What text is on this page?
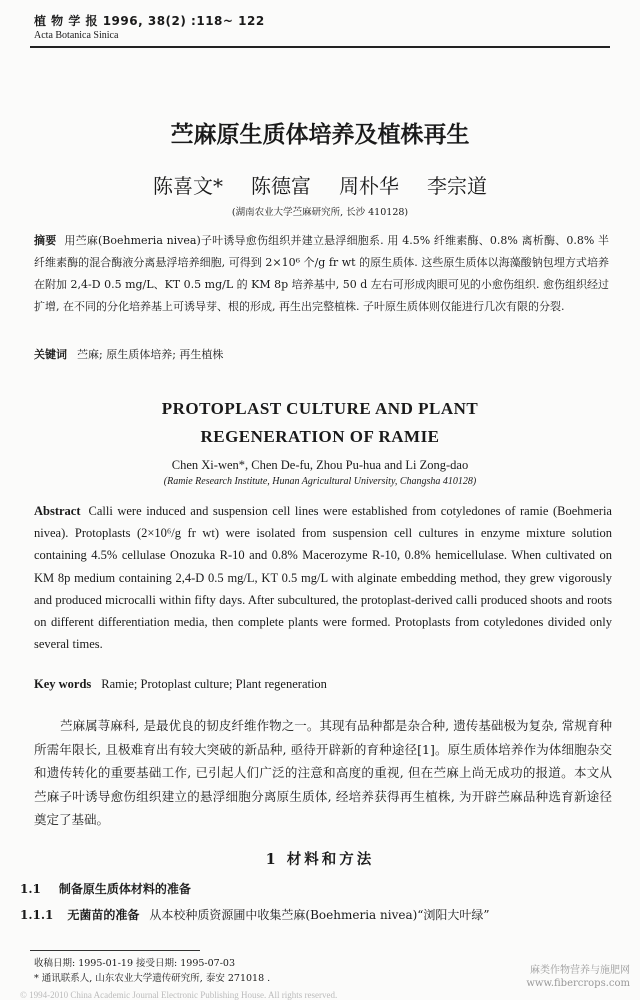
植 物 学 报 1996, 38(2) :118~ 122
Acta Botanica Sinica
苎麻原生质体培养及植株再生
陈喜文* 陈德富 周朴华 李宗道
(湖南农业大学苎麻研究所, 长沙 410128)
摘要 用苎麻(Boehmeria nivea)子叶诱导愈伤组织并建立悬浮细胞系. 用 4.5% 纤维素酶、0.8% 离析酶、0.8% 半纤维素酶的混合酶液分离悬浮培养细胞, 可得到 2×10⁶ 个/g fr wt 的原生质体. 这些原生质体以海藻酸钠包埋方式培养在附加 2,4-D 0.5 mg/L、KT 0.5 mg/L 的 KM 8p 培养基中, 50 d 左右可形成肉眼可见的小愈伤组织. 愈伤组织经过扩增, 在不同的分化培养基上可诱导芽、根的形成, 再生出完整植株. 子叶原生质体则仅能进行几次有限的分裂.
关键词 苎麻; 原生质体培养; 再生植株
PROTOPLAST CULTURE AND PLANT
REGENERATION OF RAMIE
Chen Xi-wen*, Chen De-fu, Zhou Pu-hua and Li Zong-dao
(Ramie Research Institute, Hunan Agricultural University, Changsha 410128)
Abstract Calli were induced and suspension cell lines were established from cotyledones of ramie (Boehmeria nivea). Protoplasts (2×10⁶/g fr wt) were isolated from suspension cell cultures in enzyme mixture solution containing 4.5% cellulase Onozuka R-10 and 0.8% Macerozyme R-10, 0.8% hemicellulase. When cultivated on KM 8p medium containing 2,4-D 0.5 mg/L, KT 0.5 mg/L with alginate embedding method, they grew vigorously and produced microcalli within fifty days. After subcultured, the protoplast-derived calli produced shoots and roots on different differentiation media, then complete plants were formed. Protoplasts from cotyledones divided only several times.
Key words Ramie; Protoplast culture; Plant regeneration
苎麻属荨麻科, 是最优良的韧皮纤维作物之一。其现有品种都是杂合种, 遗传基础极为复杂, 常规育种所需年限长, 且极难育出有较大突破的新品种, 亟待开辟新的育种途径[1]。原生质体培养作为体细胞杂交和遗传转化的重要基础工作, 已引起人们广泛的注意和高度的重视, 但在苎麻上尚无成功的报道。本文从苎麻子叶诱导愈伤组织建立的悬浮细胞分离原生质体, 经培养获得再生植株, 为开辟苎麻品种选育新途径奠定了基础。
1 材料和方法
1.1 制备原生质体材料的准备
1.1.1 无菌苗的准备 从本校种质资源圃中收集苎麻(Boehmeria nivea)“浏阳大叶绿”
收稿日期: 1995-01-19 接受日期: 1995-07-03
* 通讯联系人, 山东农业大学遗传研究所, 泰安 271018 .
麻类作物营养与施肥网
www.fibercrops.com
© 1994-2010 China Academic Journal Electronic Publishing House. All rights reserved.
